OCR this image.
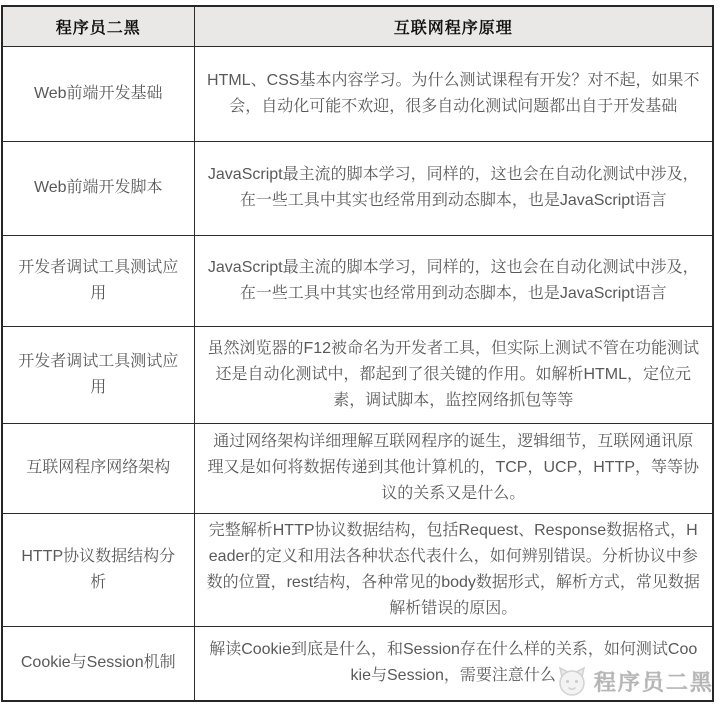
程序员二黑	互联网程序原理
Web前端开发基础	HTML、CSS基本内容学习。为什么测试课程有开发？对不起，如果不会，自动化可能不欢迎，很多自动化测试问题都出自于开发基础
Web前端开发脚本	JavaScript最主流的脚本学习，同样的，这也会在自动化测试中涉及，在一些工具中其实也经常用到动态脚本，也是JavaScript语言
开发者调试工具测试应用	JavaScript最主流的脚本学习，同样的，这也会在自动化测试中涉及，在一些工具中其实也经常用到动态脚本，也是JavaScript语言
开发者调试工具测试应用	虽然浏览器的F12被命名为开发者工具，但实际上测试不管在功能测试还是自动化测试中，都起到了很关键的作用。如解析HTML，定位元素，调试脚本，监控网络抓包等等
互联网程序网络架构	通过网络架构详细理解互联网程序的诞生，逻辑细节，互联网通讯原理又是如何将数据传递到其他计算机的，TCP，UCP，HTTP，等等协议的关系又是什么。
HTTP协议数据结构分析	完整解析HTTP协议数据结构，包括Request、Response数据格式，Header的定义和用法各种状态代表什么，如何辨别错误。分析协议中参数的位置，rest结构，各种常见的body数据形式，解析方式，常见数据解析错误的原因。
Cookie与Session机制	解读Cookie到底是什么，和Session存在什么样的关系，如何测试Cookie与Session，需要注意什么 程序员二黑
